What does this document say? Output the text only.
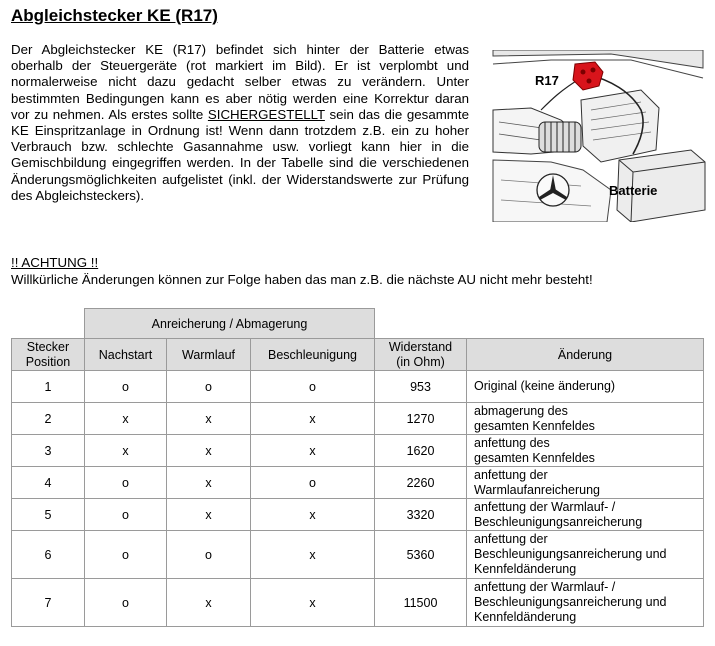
Abgleichstecker KE (R17)
Der Abgleichstecker KE (R17) befindet sich hinter der Batterie etwas oberhalb der Steuergeräte (rot markiert im Bild). Er ist verplombt und normalerweise nicht dazu gedacht selber etwas zu verändern. Unter bestimmten Bedingungen kann es aber nötig werden eine Korrektur daran vor zu nehmen. Als erstes sollte SICHERGESTELLT sein das die gesammte KE Einspritzanlage in Ordnung ist! Wenn dann trotzdem z.B. ein zu hoher Verbrauch bzw. schlechte Gasannahme usw. vorliegt kann hier in die Gemischbildung eingegriffen werden. In der Tabelle sind die verschiedenen Änderungsmöglichkeiten aufgelistet (inkl. der Widerstandswerte zur Prüfung des Abgleichsteckers).
R17
Batterie
!! ACHTUNG !!
Willkürliche Änderungen können zur Folge haben das man z.B. die nächste AU nicht mehr besteht!
	Anreicherung / Abmagerung				
Stecker
Position	Nachstart	Warmlauf	Beschleunigung	Widerstand
(in Ohm)	Änderung
1	o	o	o	953	Original (keine änderung)
2	x	x	x	1270	abmagerung des
gesamten Kennfeldes
3	x	x	x	1620	anfettung des
gesamten Kennfeldes
4	o	x	o	2260	anfettung der
Warmlaufanreicherung
5	o	x	x	3320	anfettung der Warmlauf- /
Beschleunigungsanreicherung
6	o	o	x	5360	anfettung der
Beschleunigungsanreicherung und
Kennfeldänderung
7	o	x	x	11500	anfettung der Warmlauf- /
Beschleunigungsanreicherung und
Kennfeldänderung
